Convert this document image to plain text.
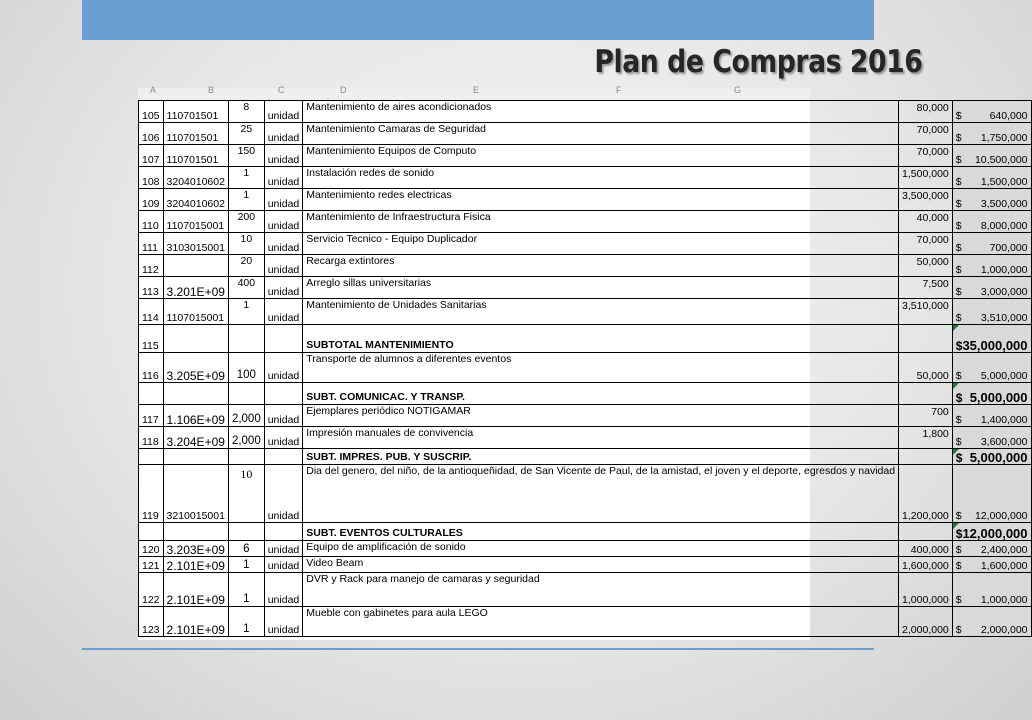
Plan de Compras 2016
A	B	C	D	E	F	G
105	110701501	8	unidad	Mantenimiento de aires acondicionados	80,000	$ 640,000

106	110701501	25	unidad	Mantenimiento Camaras de Seguridad	70,000	$ 1,750,000

107	110701501	150	unidad	Mantenimiento Equipos de Computo	70,000	$ 10,500,000

108	3204010602	1	unidad	Instalación redes de sonido	1,500,000	$ 1,500,000

109	3204010602	1	unidad	Mantenimiento redes electricas	3,500,000	$ 3,500,000

110	1107015001	200	unidad	Mantenimiento de Infraestructura Fisica	40,000	$ 8,000,000

111	3103015001	10	unidad	Servicio Tecnico - Equipo Duplicador	70,000	$ 700,000

112		20	unidad	Recarga extintores	50,000	$ 1,000,000

113	3.201E+09	400	unidad	Arreglo sillas universitarias	7,500	$ 3,000,000

114	1107015001	1	unidad	Mantenimiento de Unidades Sanitarias	3,510,000	$ 3,510,000

115				SUBTOTAL MANTENIMIENTO		$ 35,000,000

116	3.205E+09	100	unidad	Transporte de alumnos a diferentes eventos	50,000	$ 5,000,000

				SUBT. COMUNICAC. Y TRANSP.		$ 5,000,000

117	1.106E+09	2,000	unidad	Ejemplares periódico NOTIGAMAR	700	$ 1,400,000

118	3.204E+09	2,000	unidad	Impresión manuales de convivencia	1,800	$ 3,600,000

				SUBT. IMPRES. PUB. Y SUSCRIP.		$ 5,000,000

119	3210015001	10	unidad	Dia del genero, del niño, de la antioqueñidad, de San Vicente de Paul, de la amistad, el joven y el deporte, egresdos y navidad	1,200,000	$ 12,000,000

				SUBT. EVENTOS CULTURALES		$ 12,000,000

120	3.203E+09	6	unidad	Equipo de amplificación de sonido	400,000	$ 2,400,000

121	2.101E+09	1	unidad	Video Beam	1,600,000	$ 1,600,000

122	2.101E+09	1	unidad	DVR y Rack para manejo de camaras y seguridad	1,000,000	$ 1,000,000

123	2.101E+09	1	unidad	Mueble con gabinetes para aula LEGO	2,000,000	$ 2,000,000
